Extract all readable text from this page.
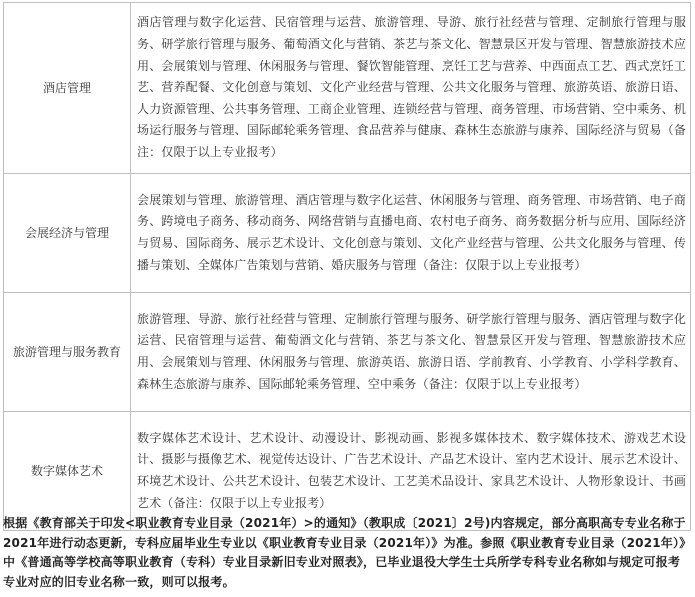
酒店管理	酒店管理与数字化运营、民宿管理与运营、旅游管理、导游、旅行社经营与管理、定制旅行管理与服务、研学旅行管理与服务、葡萄酒文化与营销、茶艺与茶文化、智慧景区开发与管理、智慧旅游技术应用、会展策划与管理、休闲服务与管理、餐饮智能管理、烹饪工艺与营养、中西面点工艺、西式烹饪工艺、营养配餐、文化创意与策划、文化产业经营与管理、公共文化服务与管理、旅游英语、旅游日语、人力资源管理、公共事务管理、工商企业管理、连锁经营与管理、商务管理、市场营销、空中乘务、机场运行服务与管理、国际邮轮乘务管理、食品营养与健康、森林生态旅游与康养、国际经济与贸易（备注：仅限于以上专业报考）
会展经济与管理	会展策划与管理、旅游管理、酒店管理与数字化运营、休闲服务与管理、商务管理、市场营销、电子商务、跨境电子商务、移动商务、网络营销与直播电商、农村电子商务、商务数据分析与应用、国际经济与贸易、国际商务、展示艺术设计、文化创意与策划、文化产业经营与管理、公共文化服务与管理、传播与策划、全媒体广告策划与营销、婚庆服务与管理（备注：仅限于以上专业报考）
旅游管理与服务教育	旅游管理、导游、旅行社经营与管理、定制旅行管理与服务、研学旅行管理与服务、酒店管理与数字化运营、民宿管理与运营、葡萄酒文化与营销、茶艺与茶文化、智慧景区开发与管理、智慧旅游技术应用、会展策划与管理、休闲服务与管理、旅游英语、旅游日语、学前教育、小学教育、小学科学教育、森林生态旅游与康养、国际邮轮乘务管理、空中乘务（备注：仅限于以上专业报考）
数字媒体艺术	数字媒体艺术设计、艺术设计、动漫设计、影视动画、影视多媒体技术、数字媒体技术、游戏艺术设计、摄影与摄像艺术、视觉传达设计、广告艺术设计、产品艺术设计、室内艺术设计、展示艺术设计、环境艺术设计、公共艺术设计、包装艺术设计、工艺美术品设计、家具艺术设计、人物形象设计、书画艺术（备注：仅限于以上专业报考）
根据《教育部关于印发<职业教育专业目录（2021年）>的通知》（教职成〔2021〕2号)内容规定，部分高职高专专业名称于2021年进行动态更新，专科应届毕业生专业以《职业教育专业目录（2021年）》为准。参照《职业教育专业目录（2021年）》中《普通高等学校高等职业教育（专科）专业目录新旧专业对照表》，已毕业退役大学生士兵所学专科专业名称如与规定可报考专业对应的旧专业名称一致，则可以报考。
